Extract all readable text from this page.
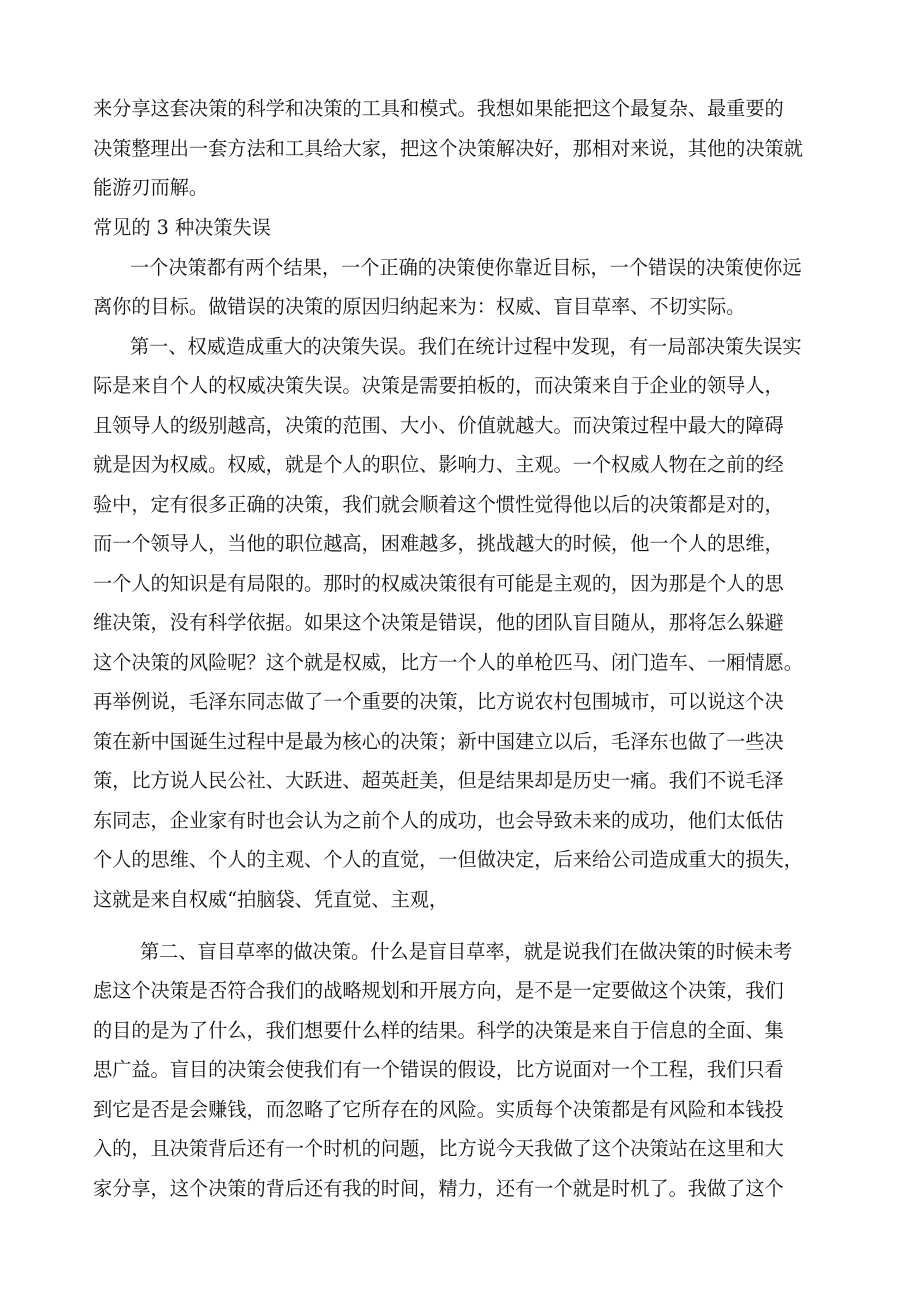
来分享这套决策的科学和决策的工具和模式。我想如果能把这个最复杂、最重要的
决策整理出一套方法和工具给大家，把这个决策解决好，那相对来说，其他的决策就
能游刃而解。
常见的 3 种决策失误
一个决策都有两个结果，一个正确的决策使你靠近目标，一个错误的决策使你远
离你的目标。做错误的决策的原因归纳起来为：权威、盲目草率、不切实际。
第一、权威造成重大的决策失误。我们在统计过程中发现，有一局部决策失误实
际是来自个人的权威决策失误。决策是需要拍板的，而决策来自于企业的领导人，
且领导人的级别越高，决策的范围、大小、价值就越大。而决策过程中最大的障碍
就是因为权威。权威，就是个人的职位、影响力、主观。一个权威人物在之前的经
验中，定有很多正确的决策，我们就会顺着这个惯性觉得他以后的决策都是对的，
而一个领导人，当他的职位越高，困难越多，挑战越大的时候，他一个人的思维，
一个人的知识是有局限的。那时的权威决策很有可能是主观的，因为那是个人的思
维决策，没有科学依据。如果这个决策是错误，他的团队盲目随从，那将怎么躲避
这个决策的风险呢？这个就是权威，比方一个人的单枪匹马、闭门造车、一厢情愿。
再举例说，毛泽东同志做了一个重要的决策，比方说农村包围城市，可以说这个决
策在新中国诞生过程中是最为核心的决策；新中国建立以后，毛泽东也做了一些决
策，比方说人民公社、大跃进、超英赶美，但是结果却是历史一痛。我们不说毛泽
东同志，企业家有时也会认为之前个人的成功，也会导致未来的成功，他们太低估
个人的思维、个人的主观、个人的直觉，一但做决定，后来给公司造成重大的损失，
这就是来自权威“拍脑袋、凭直觉、主观，
第二、盲目草率的做决策。什么是盲目草率，就是说我们在做决策的时候未考
虑这个决策是否符合我们的战略规划和开展方向，是不是一定要做这个决策，我们
的目的是为了什么，我们想要什么样的结果。科学的决策是来自于信息的全面、集
思广益。盲目的决策会使我们有一个错误的假设，比方说面对一个工程，我们只看
到它是否是会赚钱，而忽略了它所存在的风险。实质每个决策都是有风险和本钱投
入的，且决策背后还有一个时机的问题，比方说今天我做了这个决策站在这里和大
家分享，这个决策的背后还有我的时间，精力，还有一个就是时机了。我做了这个
